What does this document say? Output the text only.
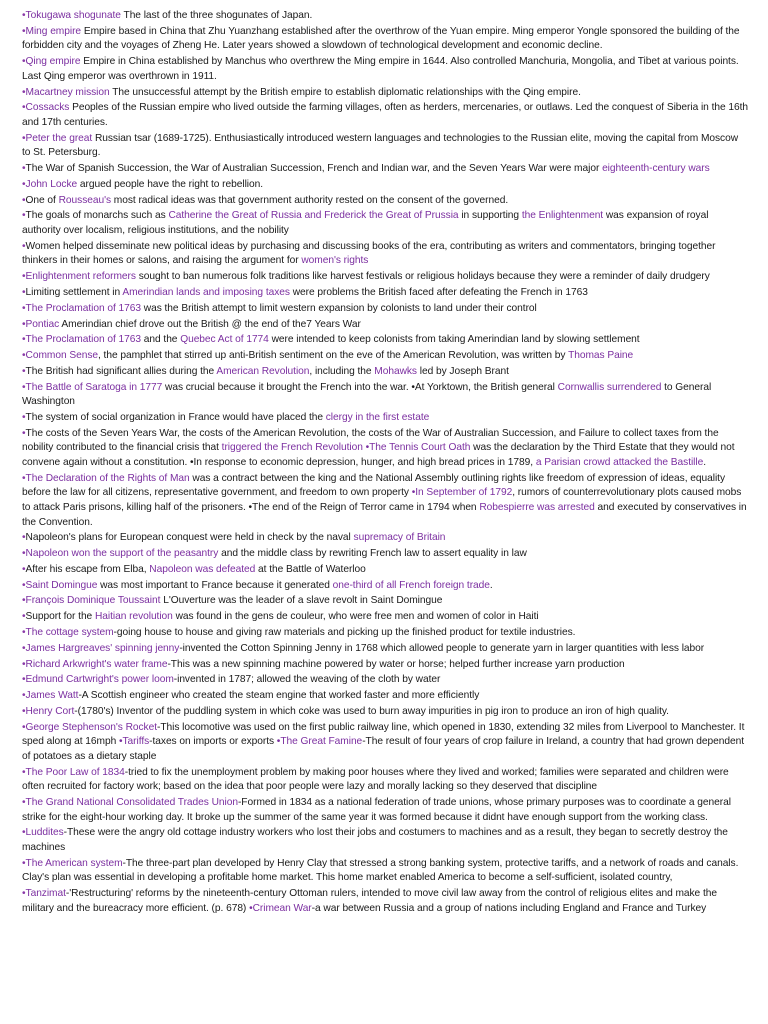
•Tokugawa shogunate The last of the three shogunates of Japan.
•Ming empire Empire based in China that Zhu Yuanzhang established after the overthrow of the Yuan empire. Ming emperor Yongle sponsored the building of the forbidden city and the voyages of Zheng He. Later years showed a slowdown of technological development and economic decline.
•Qing empire Empire in China established by Manchus who overthrew the Ming empire in 1644. Also controlled Manchuria, Mongolia, and Tibet at various points. Last Qing emperor was overthrown in 1911.
•Macartney mission The unsuccessful attempt by the British empire to establish diplomatic relationships with the Qing empire.
•Cossacks Peoples of the Russian empire who lived outside the farming villages, often as herders, mercenaries, or outlaws. Led the conquest of Siberia in the 16th and 17th centuries.
•Peter the great Russian tsar (1689-1725). Enthusiastically introduced western languages and technologies to the Russian elite, moving the capital from Moscow to St. Petersburg.
•The War of Spanish Succession, the War of Australian Succession, French and Indian war, and the Seven Years War were major eighteenth-century wars
•John Locke argued people have the right to rebellion.
•One of Rousseau's most radical ideas was that government authority rested on the consent of the governed.
•The goals of monarchs such as Catherine the Great of Russia and Frederick the Great of Prussia in supporting the Enlightenment was expansion of royal authority over localism, religious institutions, and the nobility
•Women helped disseminate new political ideas by purchasing and discussing books of the era, contributing as writers and commentators, bringing together thinkers in their homes or salons, and raising the argument for women's rights
•Enlightenment reformers sought to ban numerous folk traditions like harvest festivals or religious holidays because they were a reminder of daily drudgery
•Limiting settlement in Amerindian lands and imposing taxes were problems the British faced after defeating the French in 1763
•The Proclamation of 1763 was the British attempt to limit western expansion by colonists to land under their control
•Pontiac Amerindian chief drove out the British @ the end of the7 Years War
•The Proclamation of 1763 and the Quebec Act of 1774 were intended to keep colonists from taking Amerindian land by slowing settlement
•Common Sense, the pamphlet that stirred up anti-British sentiment on the eve of the American Revolution, was written by Thomas Paine
•The British had significant allies during the American Revolution, including the Mohawks led by Joseph Brant
•The Battle of Saratoga in 1777 was crucial because it brought the French into the war. •At Yorktown, the British general Cornwallis surrendered to General Washington
•The system of social organization in France would have placed the clergy in the first estate
•The costs of the Seven Years War, the costs of the American Revolution, the costs of the War of Australian Succession, and Failure to collect taxes from the nobility contributed to the financial crisis that triggered the French Revolution •The Tennis Court Oath was the declaration by the Third Estate that they would not convene again without a constitution. •In response to economic depression, hunger, and high bread prices in 1789, a Parisian crowd attacked the Bastille.
•The Declaration of the Rights of Man was a contract between the king and the National Assembly outlining rights like freedom of expression of ideas, equality before the law for all citizens, representative government, and freedom to own property •In September of 1792, rumors of counterrevolutionary plots caused mobs to attack Paris prisons, killing half of the prisoners. •The end of the Reign of Terror came in 1794 when Robespierre was arrested and executed by conservatives in the Convention.
•Napoleon's plans for European conquest were held in check by the naval supremacy of Britain
•Napoleon won the support of the peasantry and the middle class by rewriting French law to assert equality in law
•After his escape from Elba, Napoleon was defeated at the Battle of Waterloo
•Saint Domingue was most important to France because it generated one-third of all French foreign trade.
•François Dominique Toussaint L'Ouverture was the leader of a slave revolt in Saint Domingue
•Support for the Haitian revolution was found in the gens de couleur, who were free men and women of color in Haiti
•The cottage system-going house to house and giving raw materials and picking up the finished product for textile industries.
•James Hargreaves' spinning jenny-invented the Cotton Spinning Jenny in 1768 which allowed people to generate yarn in larger quantities with less labor
•Richard Arkwright's water frame-This was a new spinning machine powered by water or horse; helped further increase yarn production
•Edmund Cartwright's power loom-invented in 1787; allowed the weaving of the cloth by water
•James Watt-A Scottish engineer who created the steam engine that worked faster and more efficiently
•Henry Cort-(1780's) Inventor of the puddling system in which coke was used to burn away impurities in pig iron to produce an iron of high quality.
•George Stephenson's Rocket-This locomotive was used on the first public railway line, which opened in 1830, extending 32 miles from Liverpool to Manchester. It sped along at 16mph •Tariffs-taxes on imports or exports •The Great Famine-The result of four years of crop failure in Ireland, a country that had grown dependent of potatoes as a dietary staple
•The Poor Law of 1834-tried to fix the unemployment problem by making poor houses where they lived and worked; families were separated and children were often recruited for factory work; based on the idea that poor people were lazy and morally lacking so they deserved that discipline
•The Grand National Consolidated Trades Union-Formed in 1834 as a national federation of trade unions, whose primary purposes was to coordinate a general strike for the eight-hour working day. It broke up the summer of the same year it was formed because it didnt have enough support from the working class.
•Luddites-These were the angry old cottage industry workers who lost their jobs and costumers to machines and as a result, they began to secretly destroy the machines
•The American system-The three-part plan developed by Henry Clay that stressed a strong banking system, protective tariffs, and a network of roads and canals. Clay's plan was essential in developing a profitable home market. This home market enabled America to become a self-sufficient, isolated country,
•Tanzimat-'Restructuring' reforms by the nineteenth-century Ottoman rulers, intended to move civil law away from the control of religious elites and make the military and the bureacracy more efficient. (p. 678) •Crimean War-a war between Russia and a group of nations including England and France and Turkey
